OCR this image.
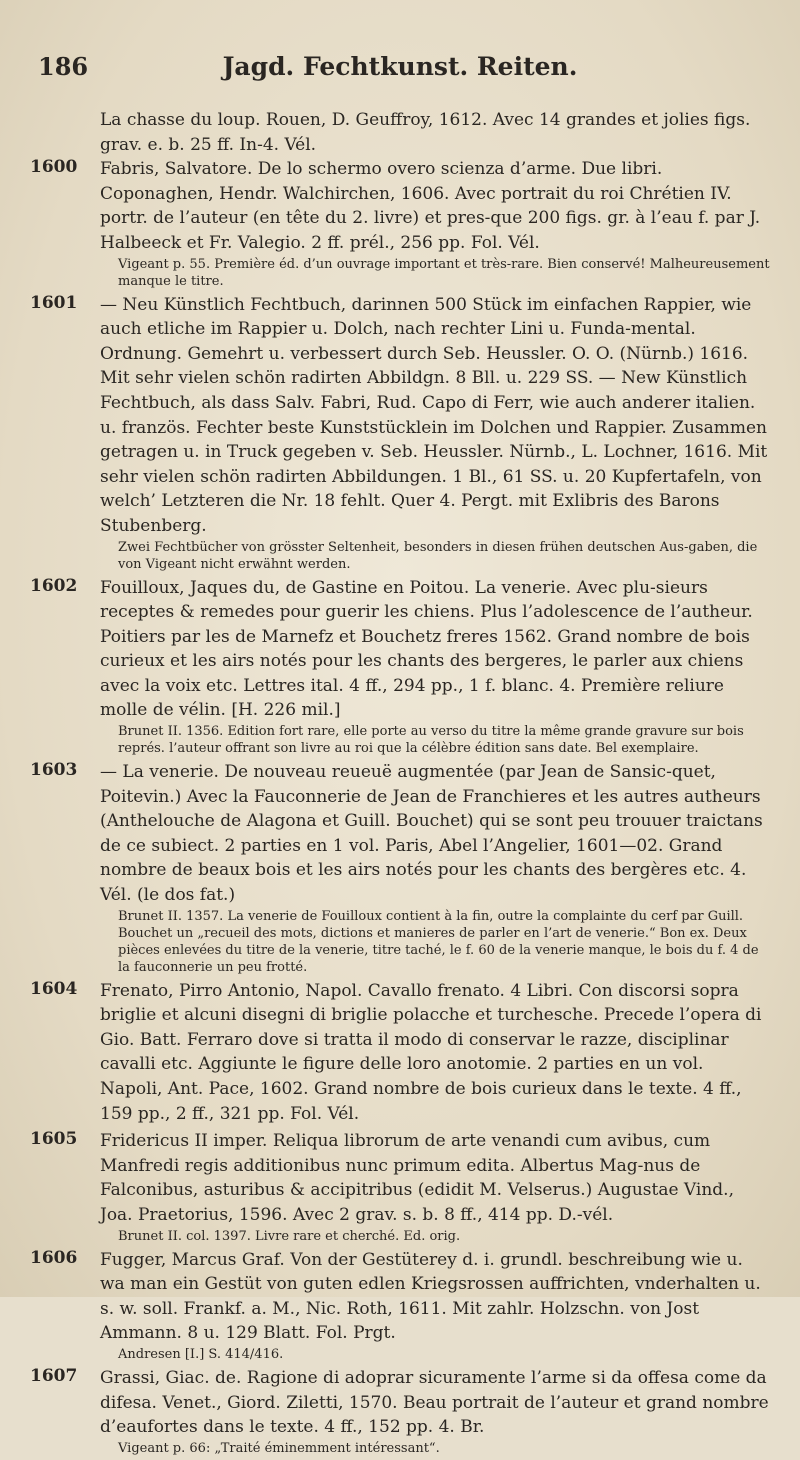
Jagd. Fechtkunst. Reiten.
186

La chasse du loup. Rouen, D. Geuffroy, 1612. Avec 14 grandes et jolies figs. grav. e. b. 25 ff. In-4. Vél.

1600	Fabris, Salvatore. De lo schermo overo scienza d’arme. Due libri. Coponaghen, Hendr. Walchirchen, 1606. Avec portrait du roi Chrétien IV. portr. de l’auteur (en tête du 2. livre) et pres-que 200 figs. gr. à l’eau f. par J. Halbeeck et Fr. Valegio. 2 ff. prél., 256 pp. Fol. Vél.

Vigeant p. 55. Première éd. d’un ouvrage important et très-rare. Bien conservé! Malheureusement manque le titre.

1601	— Neu Künstlich Fechtbuch, darinnen 500 Stück im einfachen Rappier, wie auch etliche im Rappier u. Dolch, nach rechter Lini u. Funda-mental. Ordnung. Gemehrt u. verbessert durch Seb. Heussler. O. O. (Nürnb.) 1616. Mit sehr vielen schön radirten Abbildgn. 8 Bll. u. 229 SS. — New Künstlich Fechtbuch, als dass Salv. Fabri, Rud. Capo di Ferr, wie auch anderer italien. u. französ. Fechter beste Kunststücklein im Dolchen und Rappier. Zusammen getragen u. in Truck gegeben v. Seb. Heussler. Nürnb., L. Lochner, 1616. Mit sehr vielen schön radirten Abbildungen. 1 Bl., 61 SS. u. 20 Kupfertafeln, von welch’ Letzteren die Nr. 18 fehlt. Quer 4. Pergt. mit Exlibris des Barons Stubenberg.

Zwei Fechtbücher von grösster Seltenheit, besonders in diesen frühen deutschen Aus-gaben, die von Vigeant nicht erwähnt werden.

1602	Fouilloux, Jaques du, de Gastine en Poitou. La venerie. Avec plu-sieurs receptes & remedes pour guerir les chiens. Plus l’adolescence de l’autheur. Poitiers par les de Marnefz et Bouchetz freres 1562. Grand nombre de bois curieux et les airs notés pour les chants des bergeres, le parler aux chiens avec la voix etc. Lettres ital. 4 ff., 294 pp., 1 f. blanc. 4. Première reliure molle de vélin. [H. 226 mil.]

Brunet II. 1356. Edition fort rare, elle porte au verso du titre la même grande gravure sur bois représ. l’auteur offrant son livre au roi que la célèbre édition sans date. Bel exemplaire.

1603	— La venerie. De nouveau reueuë augmentée (par Jean de Sansic-quet, Poitevin.) Avec la Fauconnerie de Jean de Franchieres et les autres autheurs (Anthelouche de Alagona et Guill. Bouchet) qui se sont peu trouuer traictans de ce subiect. 2 parties en 1 vol. Paris, Abel l’Angelier, 1601—02. Grand nombre de beaux bois et les airs notés pour les chants des bergères etc. 4. Vél. (le dos fat.)

Brunet II. 1357. La venerie de Fouilloux contient à la fin, outre la complainte du cerf par Guill. Bouchet un „recueil des mots, dictions et manieres de parler en l’art de venerie.“ Bon ex. Deux pièces enlevées du titre de la venerie, titre taché, le f. 60 de la venerie manque, le bois du f. 4 de la fauconnerie un peu frotté.

1604	Frenato, Pirro Antonio, Napol. Cavallo frenato. 4 Libri. Con discorsi sopra briglie et alcuni disegni di briglie polacche et turchesche. Precede l’opera di Gio. Batt. Ferraro dove si tratta il modo di conservar le razze, disciplinar cavalli etc. Aggiunte le figure delle loro anotomie. 2 parties en un vol. Napoli, Ant. Pace, 1602. Grand nombre de bois curieux dans le texte. 4 ff., 159 pp., 2 ff., 321 pp. Fol. Vél.

1605	Fridericus II imper. Reliqua librorum de arte venandi cum avibus, cum Manfredi regis additionibus nunc primum edita. Albertus Mag-nus de Falconibus, asturibus & accipitribus (edidit M. Velserus.) Augustae Vind., Joa. Praetorius, 1596. Avec 2 grav. s. b. 8 ff., 414 pp. D.-vél.

Brunet II. col. 1397. Livre rare et cherché. Ed. orig.

1606	Fugger, Marcus Graf. Von der Gestüterey d. i. grundl. beschreibung wie u. wa man ein Gestüt von guten edlen Kriegsrossen auffrichten, vnderhalten u. s. w. soll. Frankf. a. M., Nic. Roth, 1611. Mit zahlr. Holzschn. von Jost Ammann. 8 u. 129 Blatt. Fol. Prgt.

Andresen [I.] S. 414/416.

1607	Grassi, Giac. de. Ragione di adoprar sicuramente l’arme si da offesa come da difesa. Venet., Giord. Ziletti, 1570. Beau portrait de l’auteur et grand nombre d’eaufortes dans le texte. 4 ff., 152 pp. 4. Br.

Vigeant p. 66: „Traité éminemment intéressant“.
